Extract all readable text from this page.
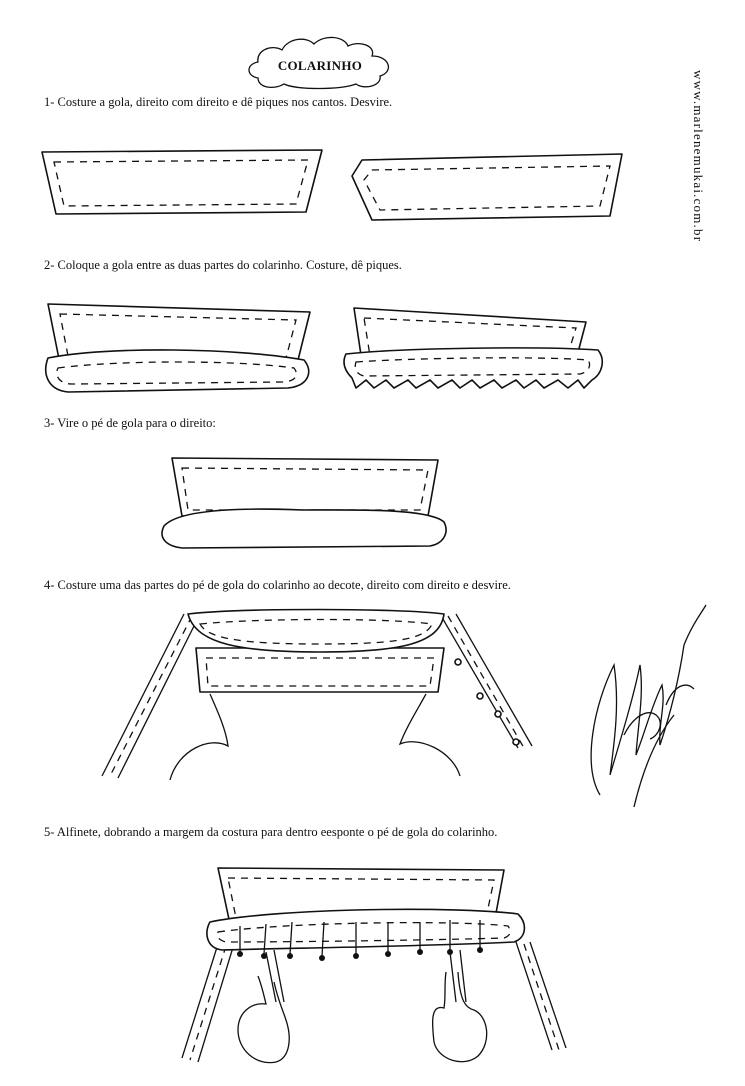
COLARINHO
www.marlenemukai.com.br
1- Costure a gola, direito com direito e dê piques nos cantos. Desvire.
2- Coloque a gola entre as duas partes do colarinho. Costure, dê piques.
3- Vire o pé de gola para o direito:
4- Costure uma das partes do pé de gola do colarinho ao decote, direito com direito e desvire.
5- Alfinete, dobrando a margem da costura para dentro eesponte o pé de gola do colarinho.
